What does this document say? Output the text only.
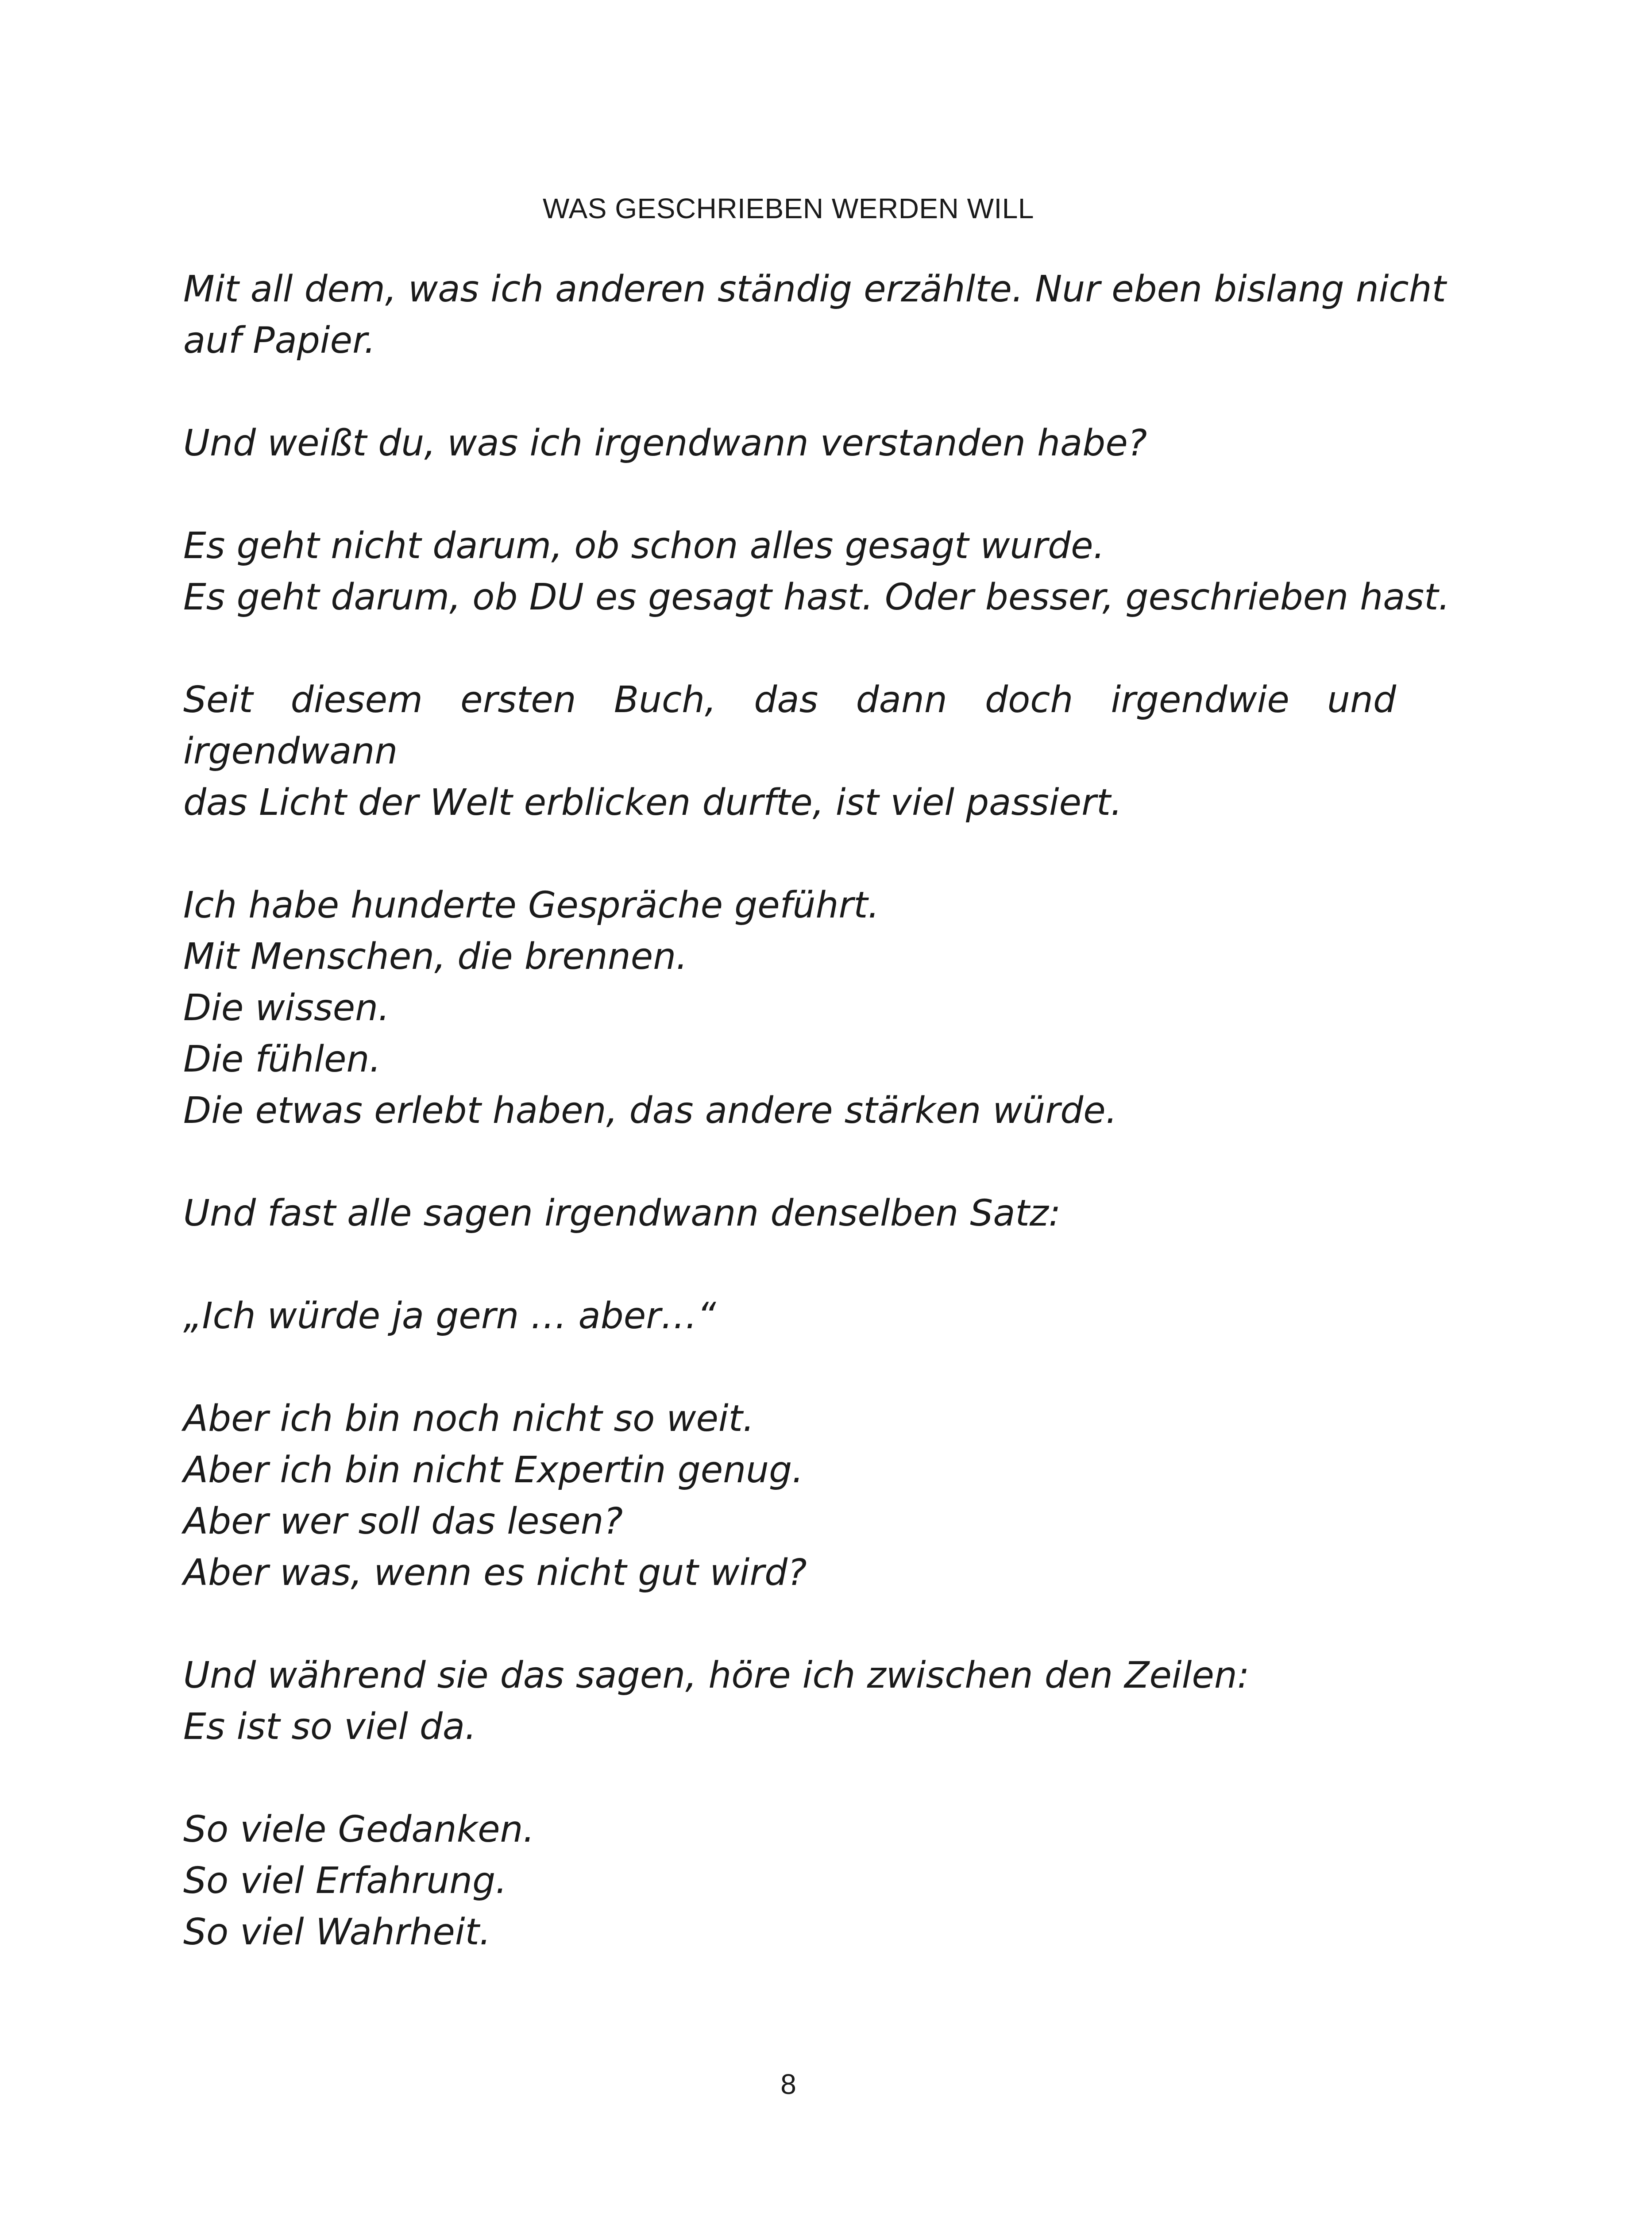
WAS GESCHRIEBEN WERDEN WILL

Mit all dem, was ich anderen ständig erzählte. Nur eben bislang nicht
auf Papier.

Und weißt du, was ich irgendwann verstanden habe?

Es geht nicht darum, ob schon alles gesagt wurde.
Es geht darum, ob DU es gesagt hast. Oder besser, geschrieben hast.

Seit diesem ersten Buch, das dann doch irgendwie und irgendwann
das Licht der Welt erblicken durfte, ist viel passiert.

Ich habe hunderte Gespräche geführt.
Mit Menschen, die brennen.
Die wissen.
Die fühlen.
Die etwas erlebt haben, das andere stärken würde.

Und fast alle sagen irgendwann denselben Satz:

„Ich würde ja gern … aber…“

Aber ich bin noch nicht so weit.
Aber ich bin nicht Expertin genug.
Aber wer soll das lesen?
Aber was, wenn es nicht gut wird?

Und während sie das sagen, höre ich zwischen den Zeilen:
Es ist so viel da.

So viele Gedanken.
So viel Erfahrung.
So viel Wahrheit.

8
